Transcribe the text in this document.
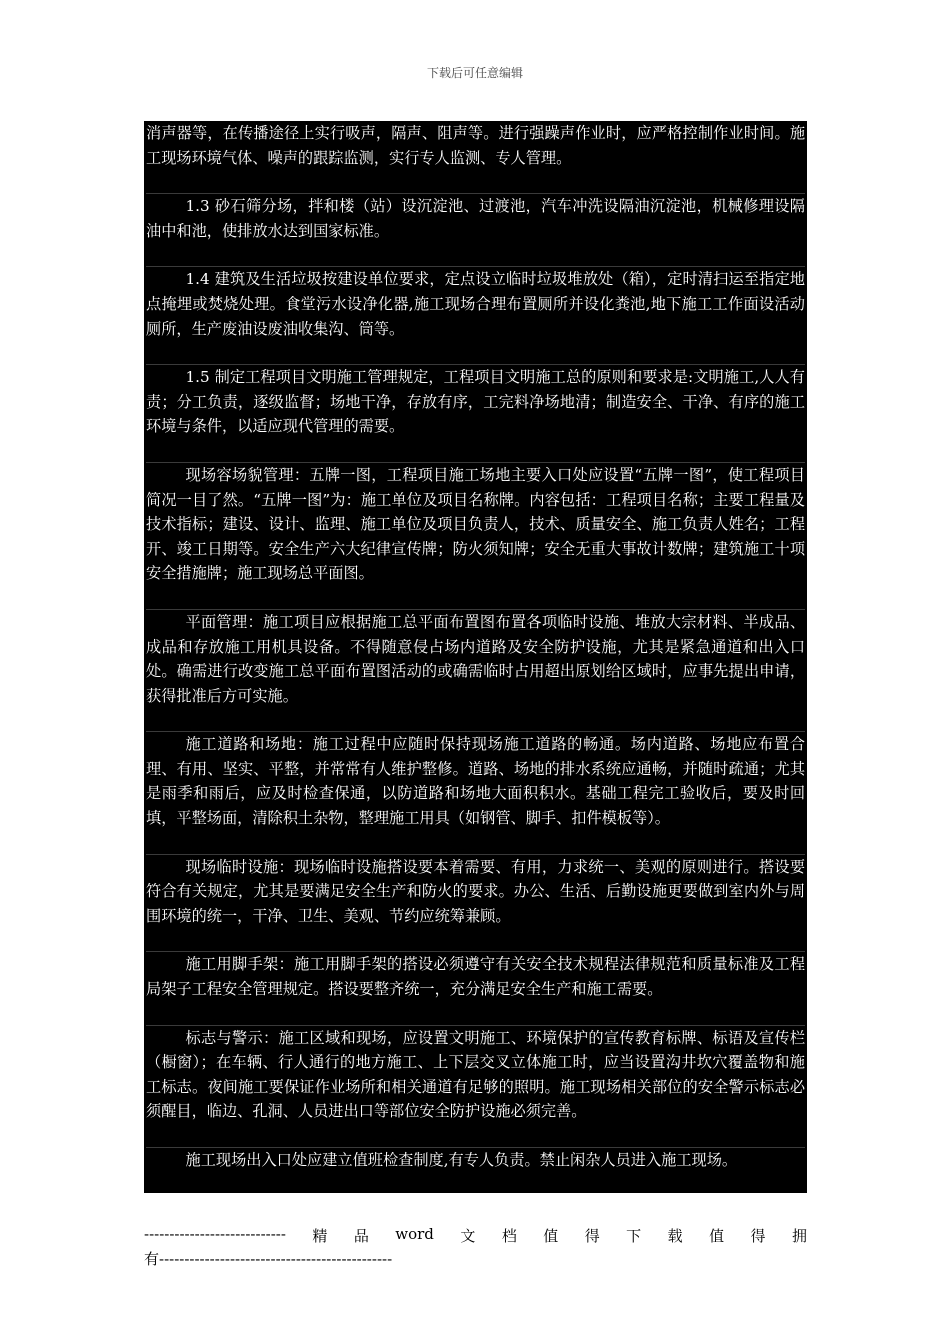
下载后可任意编辑

消声器等，在传播途径上实行吸声，隔声、阻声等。进行强躁声作业时，应严格控制作业时间。施工现场环境气体、噪声的跟踪监测，实行专人监测、专人管理。

1.3 砂石筛分场，拌和楼（站）设沉淀池、过渡池，汽车冲洗设隔油沉淀池，机械修理设隔油中和池，使排放水达到国家标准。

1.4 建筑及生活垃圾按建设单位要求，定点设立临时垃圾堆放处（箱），定时清扫运至指定地点掩埋或焚烧处理。食堂污水设净化器,施工现场合理布置厕所并设化粪池,地下施工工作面设活动厕所，生产废油设废油收集沟、筒等。

1.5 制定工程项目文明施工管理规定，工程项目文明施工总的原则和要求是:文明施工,人人有责；分工负责，逐级监督；场地干净，存放有序，工完料净场地清；制造安全、干净、有序的施工环境与条件，以适应现代管理的需要。

现场容场貌管理：五牌一图，工程项目施工场地主要入口处应设置“五牌一图”，使工程项目简况一目了然。“五牌一图”为：施工单位及项目名称牌。内容包括：工程项目名称；主要工程量及技术指标；建设、设计、监理、施工单位及项目负责人，技术、质量安全、施工负责人姓名；工程开、竣工日期等。安全生产六大纪律宣传牌；防火须知牌；安全无重大事故计数牌；建筑施工十项安全措施牌；施工现场总平面图。

平面管理：施工项目应根据施工总平面布置图布置各项临时设施、堆放大宗材料、半成品、成品和存放施工用机具设备。不得随意侵占场内道路及安全防护设施，尤其是紧急通道和出入口处。确需进行改变施工总平面布置图活动的或确需临时占用超出原划给区域时，应事先提出申请，获得批准后方可实施。

施工道路和场地：施工过程中应随时保持现场施工道路的畅通。场内道路、场地应布置合理、有用、坚实、平整，并常常有人维护整修。道路、场地的排水系统应通畅，并随时疏通；尤其是雨季和雨后，应及时检查保通，以防道路和场地大面积积水。基础工程完工验收后，要及时回填，平整场面，清除积土杂物，整理施工用具（如钢管、脚手、扣件模板等）。

现场临时设施：现场临时设施搭设要本着需要、有用，力求统一、美观的原则进行。搭设要符合有关规定，尤其是要满足安全生产和防火的要求。办公、生活、后勤设施更要做到室内外与周围环境的统一，干净、卫生、美观、节约应统筹兼顾。

施工用脚手架：施工用脚手架的搭设必须遵守有关安全技术规程法律规范和质量标准及工程局架子工程安全管理规定。搭设要整齐统一，充分满足安全生产和施工需要。

标志与警示：施工区域和现场，应设置文明施工、环境保护的宣传教育标牌、标语及宣传栏（橱窗）；在车辆、行人通行的地方施工、上下层交叉立体施工时，应当设置沟井坎穴覆盖物和施工标志。夜间施工要保证作业场所和相关通道有足够的照明。施工现场相关部位的安全警示标志必须醒目，临边、孔洞、人员进出口等部位安全防护设施必须完善。

施工现场出入口处应建立值班检查制度,有专人负责。禁止闲杂人员进入施工现场。

---------------------------- 精 品 word 文 档 值 得 下 载 值 得 拥
有----------------------------------------------
